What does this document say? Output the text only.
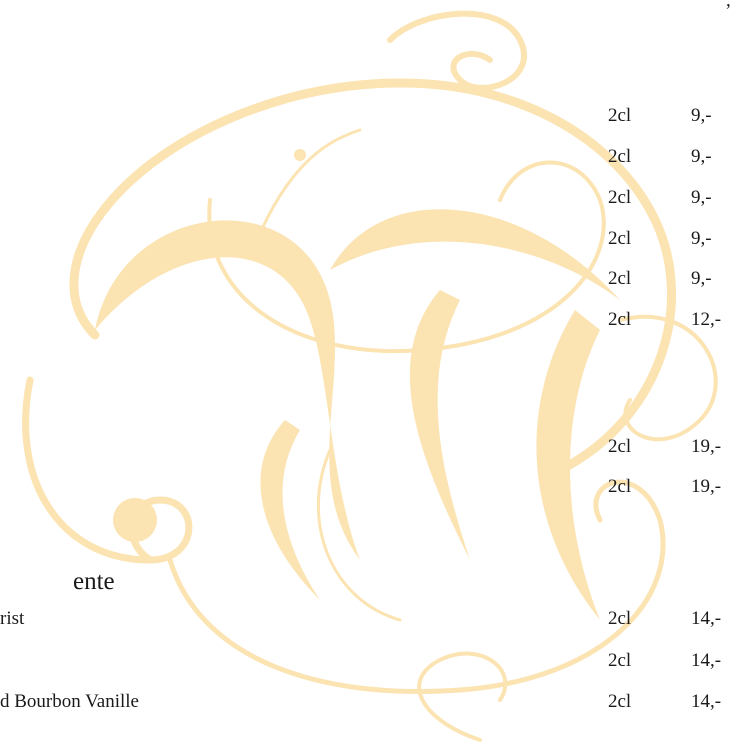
,
2cl	9,-
2cl	9,-
2cl	9,-
2cl	9,-
2cl	9,-
2cl	12,-
2cl	19,-
2cl	19,-
ente
rist	2cl	14,-
2cl	14,-
d Bourbon Vanille	2cl	14,-
